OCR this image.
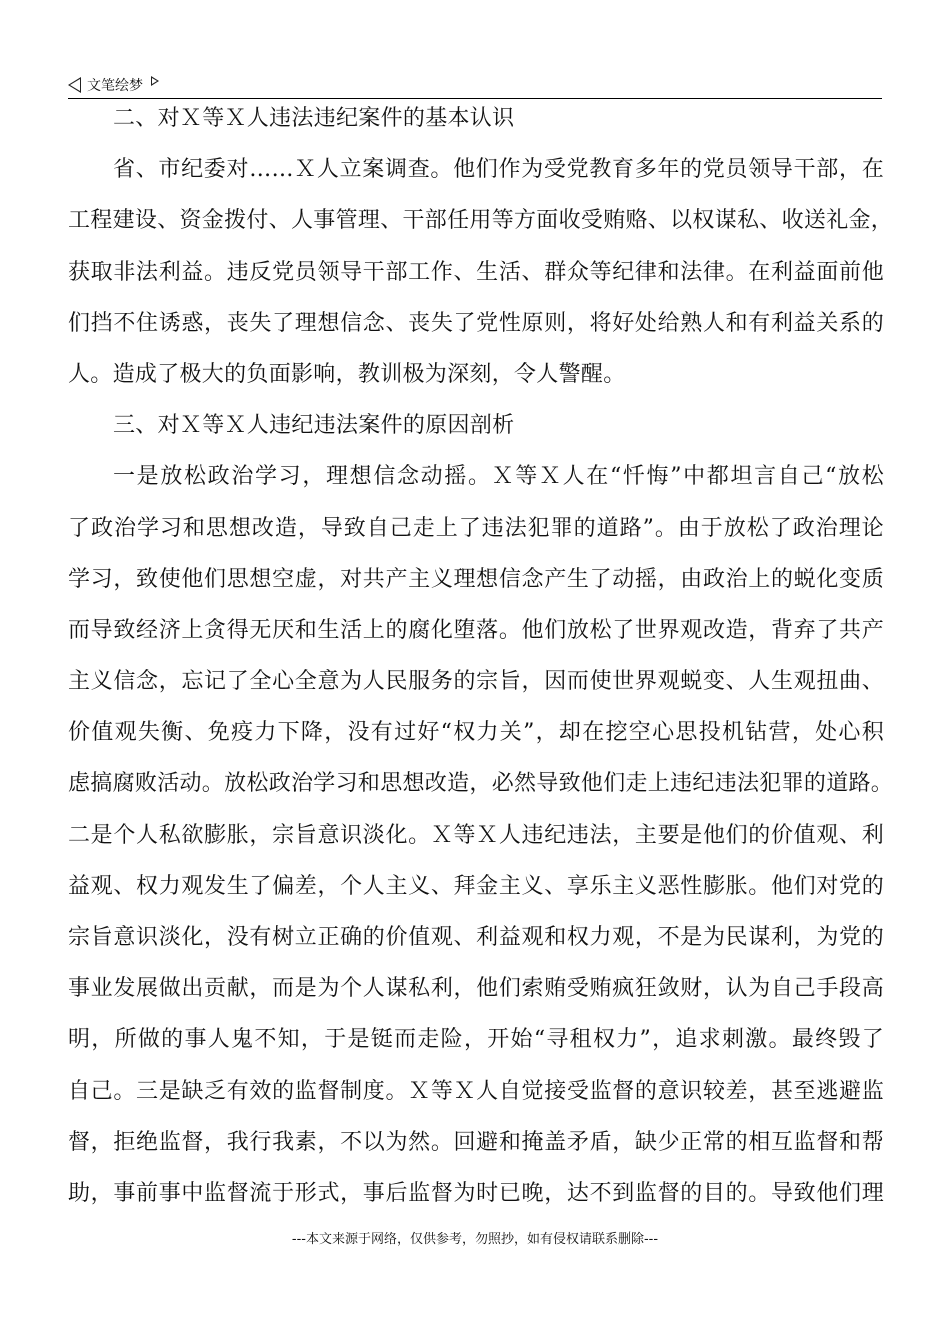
文笔绘梦
二、对Ｘ等Ｘ人违法违纪案件的基本认识
省、市纪委对……Ｘ人立案调查。他们作为受党教育多年的党员领导干部，在
工程建设、资金拨付、人事管理、干部任用等方面收受贿赂、以权谋私、收送礼金，
获取非法利益。违反党员领导干部工作、生活、群众等纪律和法律。在利益面前他
们挡不住诱惑，丧失了理想信念、丧失了党性原则，将好处给熟人和有利益关系的
人。造成了极大的负面影响，教训极为深刻，令人警醒。
三、对Ｘ等Ｘ人违纪违法案件的原因剖析
一是放松政治学习，理想信念动摇。Ｘ等Ｘ人在“忏悔”中都坦言自己“放松
了政治学习和思想改造，导致自己走上了违法犯罪的道路”。由于放松了政治理论
学习，致使他们思想空虚，对共产主义理想信念产生了动摇，由政治上的蜕化变质
而导致经济上贪得无厌和生活上的腐化堕落。他们放松了世界观改造，背弃了共产
主义信念，忘记了全心全意为人民服务的宗旨，因而使世界观蜕变、人生观扭曲、
价值观失衡、免疫力下降，没有过好“权力关”，却在挖空心思投机钻营，处心积
虑搞腐败活动。放松政治学习和思想改造，必然导致他们走上违纪违法犯罪的道路。
二是个人私欲膨胀，宗旨意识淡化。Ｘ等Ｘ人违纪违法，主要是他们的价值观、利
益观、权力观发生了偏差，个人主义、拜金主义、享乐主义恶性膨胀。他们对党的
宗旨意识淡化，没有树立正确的价值观、利益观和权力观，不是为民谋利，为党的
事业发展做出贡献，而是为个人谋私利，他们索贿受贿疯狂敛财，认为自己手段高
明，所做的事人鬼不知，于是铤而走险，开始“寻租权力”，追求刺激。最终毁了
自己。三是缺乏有效的监督制度。Ｘ等Ｘ人自觉接受监督的意识较差，甚至逃避监
督，拒绝监督，我行我素，不以为然。回避和掩盖矛盾，缺少正常的相互监督和帮
助，事前事中监督流于形式，事后监督为时已晚，达不到监督的目的。导致他们理
---本文来源于网络，仅供参考，勿照抄，如有侵权请联系删除---
